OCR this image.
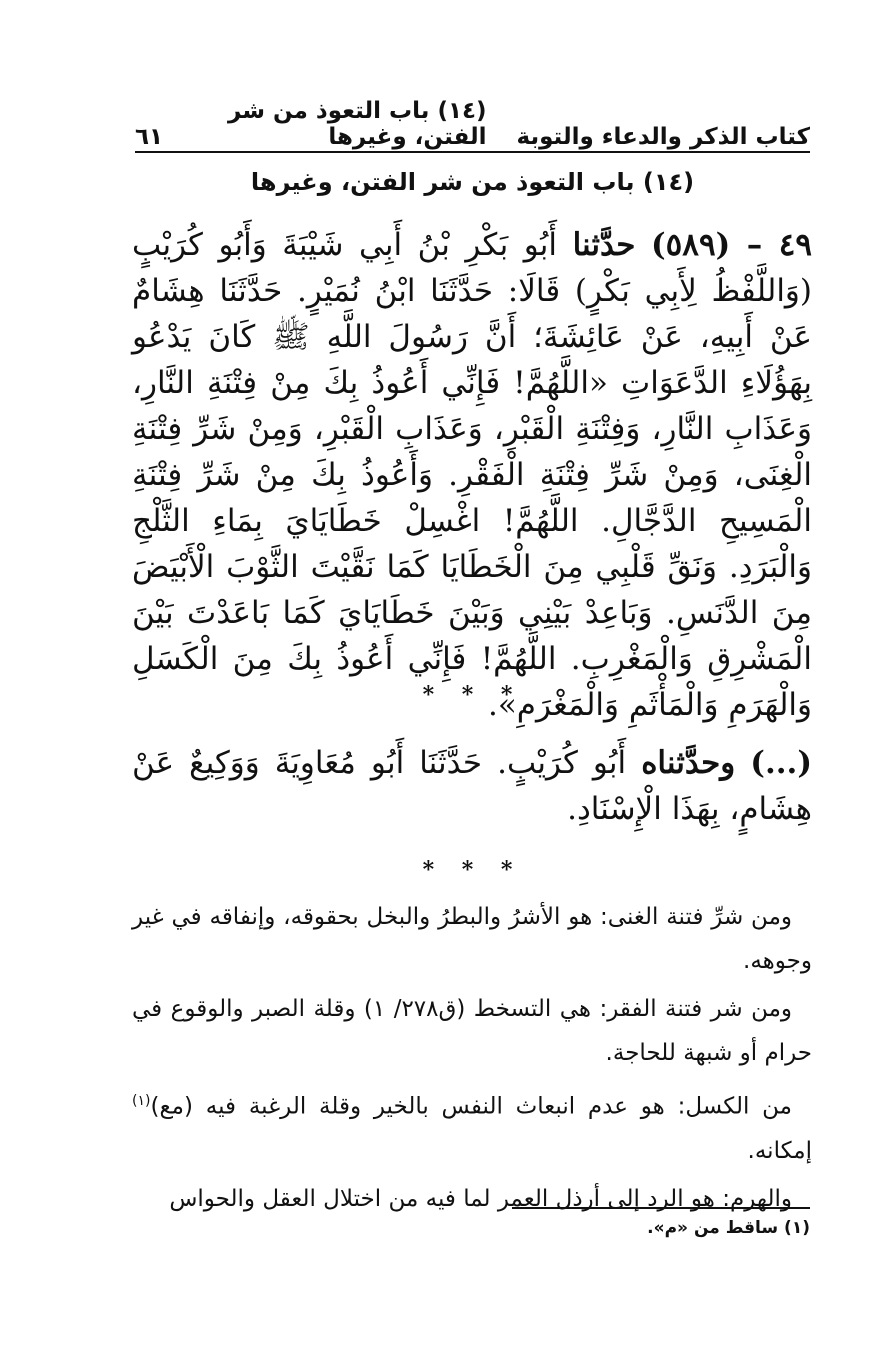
كتاب الذكر والدعاء والتوبة
(١٤) باب التعوذ من شر الفتن، وغيرها
٦١
(١٤) باب التعوذ من شر الفتن، وغيرها
٤٩ – (٥٨٩) حدَّثنا أَبُو بَكْرِ بْنُ أَبِي شَيْبَةَ وَأَبُو كُرَيْبٍ (وَاللَّفْظُ لِأَبِي بَكْرٍ) قَالَا: حَدَّثَنَا ابْنُ نُمَيْرٍ. حَدَّثَنَا هِشَامٌ عَنْ أَبِيهِ، عَنْ عَائِشَةَ؛ أَنَّ رَسُولَ اللَّهِ ﷺ كَانَ يَدْعُو بِهَؤُلَاءِ الدَّعَوَاتِ «اللَّهُمَّ! فَإِنِّي أَعُوذُ بِكَ مِنْ فِتْنَةِ النَّارِ، وَعَذَابِ النَّارِ، وَفِتْنَةِ الْقَبْرِ، وَعَذَابِ الْقَبْرِ، وَمِنْ شَرِّ فِتْنَةِ الْغِنَى، وَمِنْ شَرِّ فِتْنَةِ الْفَقْرِ. وَأَعُوذُ بِكَ مِنْ شَرِّ فِتْنَةِ الْمَسِيحِ الدَّجَّالِ. اللَّهُمَّ! اغْسِلْ خَطَايَايَ بِمَاءِ الثَّلْجِ وَالْبَرَدِ. وَنَقِّ قَلْبِي مِنَ الْخَطَايَا كَمَا نَقَّيْتَ الثَّوْبَ الْأَبْيَضَ مِنَ الدَّنَسِ. وَبَاعِدْ بَيْنِي وَبَيْنَ خَطَايَايَ كَمَا بَاعَدْتَ بَيْنَ الْمَشْرِقِ وَالْمَغْرِبِ. اللَّهُمَّ! فَإِنِّي أَعُوذُ بِكَ مِنَ الْكَسَلِ وَالْهَرَمِ وَالْمَأْثَمِ وَالْمَغْرَمِ».
* * *
(...) وحدَّثناه أَبُو كُرَيْبٍ. حَدَّثَنَا أَبُو مُعَاوِيَةَ وَوَكِيعٌ عَنْ هِشَامٍ، بِهَذَا الْإِسْنَادِ.
* * *

ومن شرِّ فتنة الغنى: هو الأشرُ والبطرُ والبخل بحقوقه، وإنفاقه في غير وجوهه.

ومن شر فتنة الفقر: هي التسخط (ق٢٧٨/ ١) وقلة الصبر والوقوع في حرام أو شبهة للحاجة.

من الكسل: هو عدم انبعاث النفس بالخير وقلة الرغبة فيه (مع)$^{(١)}$ إمكانه.

والهرم: هو الرد إلى أرذل العمر لما فيه من اختلال العقل والحواس

(١) ساقط من «م».
